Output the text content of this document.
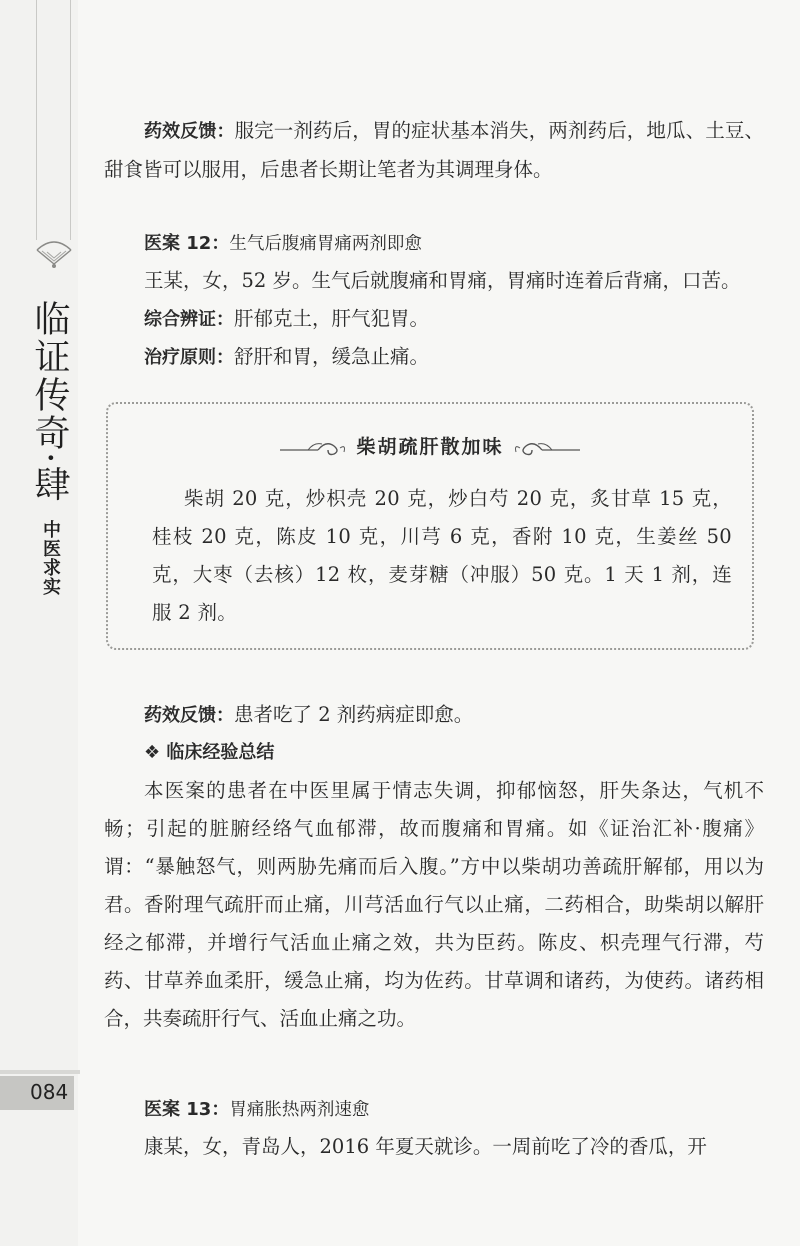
临证传奇·肆
中医求实
084

药效反馈：服完一剂药后，胃的症状基本消失，两剂药后，地瓜、土豆、甜食皆可以服用，后患者长期让笔者为其调理身体。

医案 12：生气后腹痛胃痛两剂即愈

王某，女，52 岁。生气后就腹痛和胃痛，胃痛时连着后背痛，口苦。

综合辨证：肝郁克土，肝气犯胃。

治疗原则：舒肝和胃，缓急止痛。

药效反馈：患者吃了 2 剂药病症即愈。

❖ 临床经验总结

本医案的患者在中医里属于情志失调，抑郁恼怒，肝失条达，气机不畅；引起的脏腑经络气血郁滞，故而腹痛和胃痛。如《证治汇补·腹痛》谓：“暴触怒气，则两胁先痛而后入腹。”方中以柴胡功善疏肝解郁，用以为君。香附理气疏肝而止痛，川芎活血行气以止痛，二药相合，助柴胡以解肝经之郁滞，并增行气活血止痛之效，共为臣药。陈皮、枳壳理气行滞，芍药、甘草养血柔肝，缓急止痛，均为佐药。甘草调和诸药，为使药。诸药相合，共奏疏肝行气、活血止痛之功。

医案 13：胃痛胀热两剂速愈

康某，女，青岛人，2016 年夏天就诊。一周前吃了冷的香瓜，开

柴胡疏肝散加味

柴胡 20 克，炒枳壳 20 克，炒白芍 20 克，炙甘草 15 克，桂枝 20 克，陈皮 10 克，川芎 6 克，香附 10 克，生姜丝 50 克，大枣（去核）12 枚，麦芽糖（冲服）50 克。1 天 1 剂，连服 2 剂。
